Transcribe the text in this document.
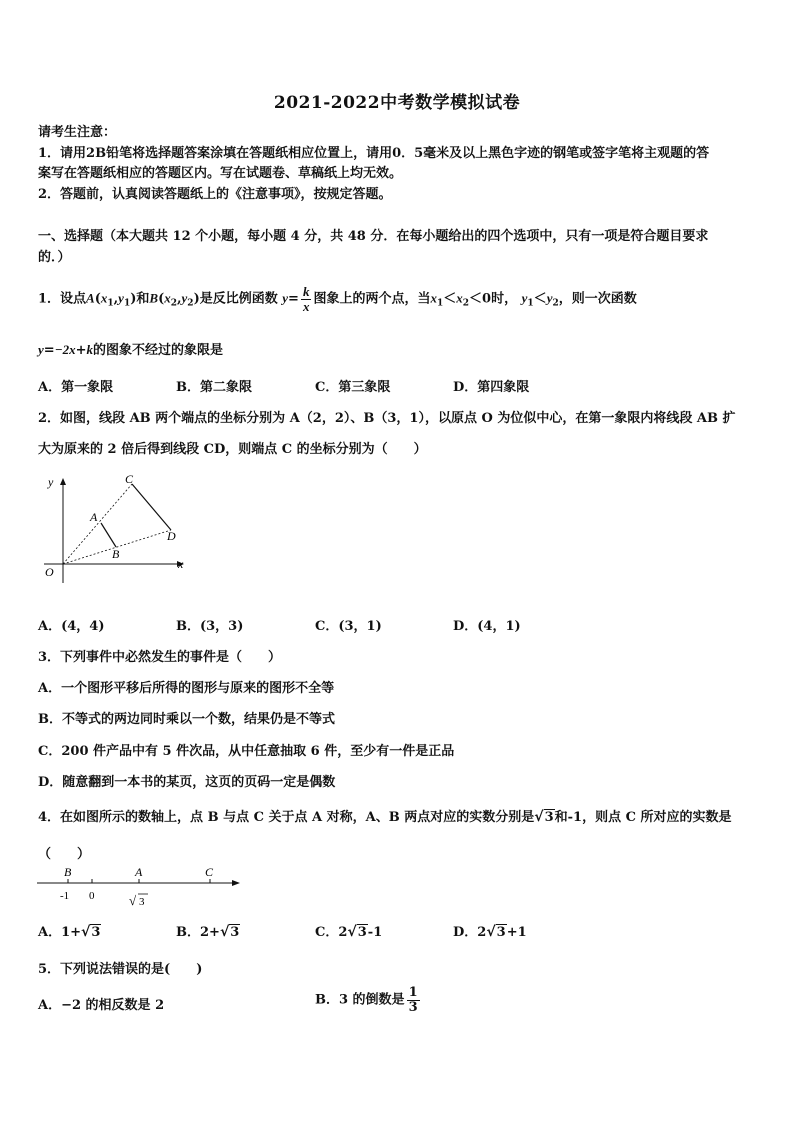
2021-2022中考数学模拟试卷
请考生注意：
1．请用2B铅笔将选择题答案涂填在答题纸相应位置上，请用0．5毫米及以上黑色字迹的钢笔或签字笔将主观题的答
案写在答题纸相应的答题区内。写在试题卷、草稿纸上均无效。
2．答题前，认真阅读答题纸上的《注意事项》，按规定答题。
一、选择题（本大题共 12 个小题，每小题 4 分，共 48 分．在每小题给出的四个选项中，只有一项是符合题目要求
的．）
1．设点$A(x_1,y_1)$和$B(x_2,y_2)$是反比例函数 $y= \frac{k}{x}$ 图象上的两个点，当$x_1<x_2<0$时， $y_1<y_2$，则一次函数
y=−2x+k的图象不经过的象限是
A．第一象限	B．第二象限	C．第三象限	D．第四象限
2．如图，线段 AB 两个端点的坐标分别为 A（2，2）、B（3，1），以原点 O 为位似中心，在第一象限内将线段 AB 扩
大为原来的 2 倍后得到线段 CD，则端点 C 的坐标分别为（　　）
y
x
O
A
B
C
D
A．(4，4)	B．(3，3)	C．(3，1)	D．(4，1)
3．下列事件中必然发生的事件是（　　）
A．一个图形平移后所得的图形与原来的图形不全等
B．不等式的两边同时乘以一个数，结果仍是不等式
C．200 件产品中有 5 件次品，从中任意抽取 6 件，至少有一件是正品
D．随意翻到一本书的某页，这页的页码一定是偶数
4．在如图所示的数轴上，点 B 与点 C 关于点 A 对称，A、B 两点对应的实数分别是√3和-1，则点 C 所对应的实数是
（　　）
B	A	C
-1 0	√ 3
A．1+√3	B．2+√3	C．2√3-1	D．2√3+1
5．下列说法错误的是(　　)
A．−2 的相反数是 2	B．3 的倒数是 $\frac{1}{3}$
